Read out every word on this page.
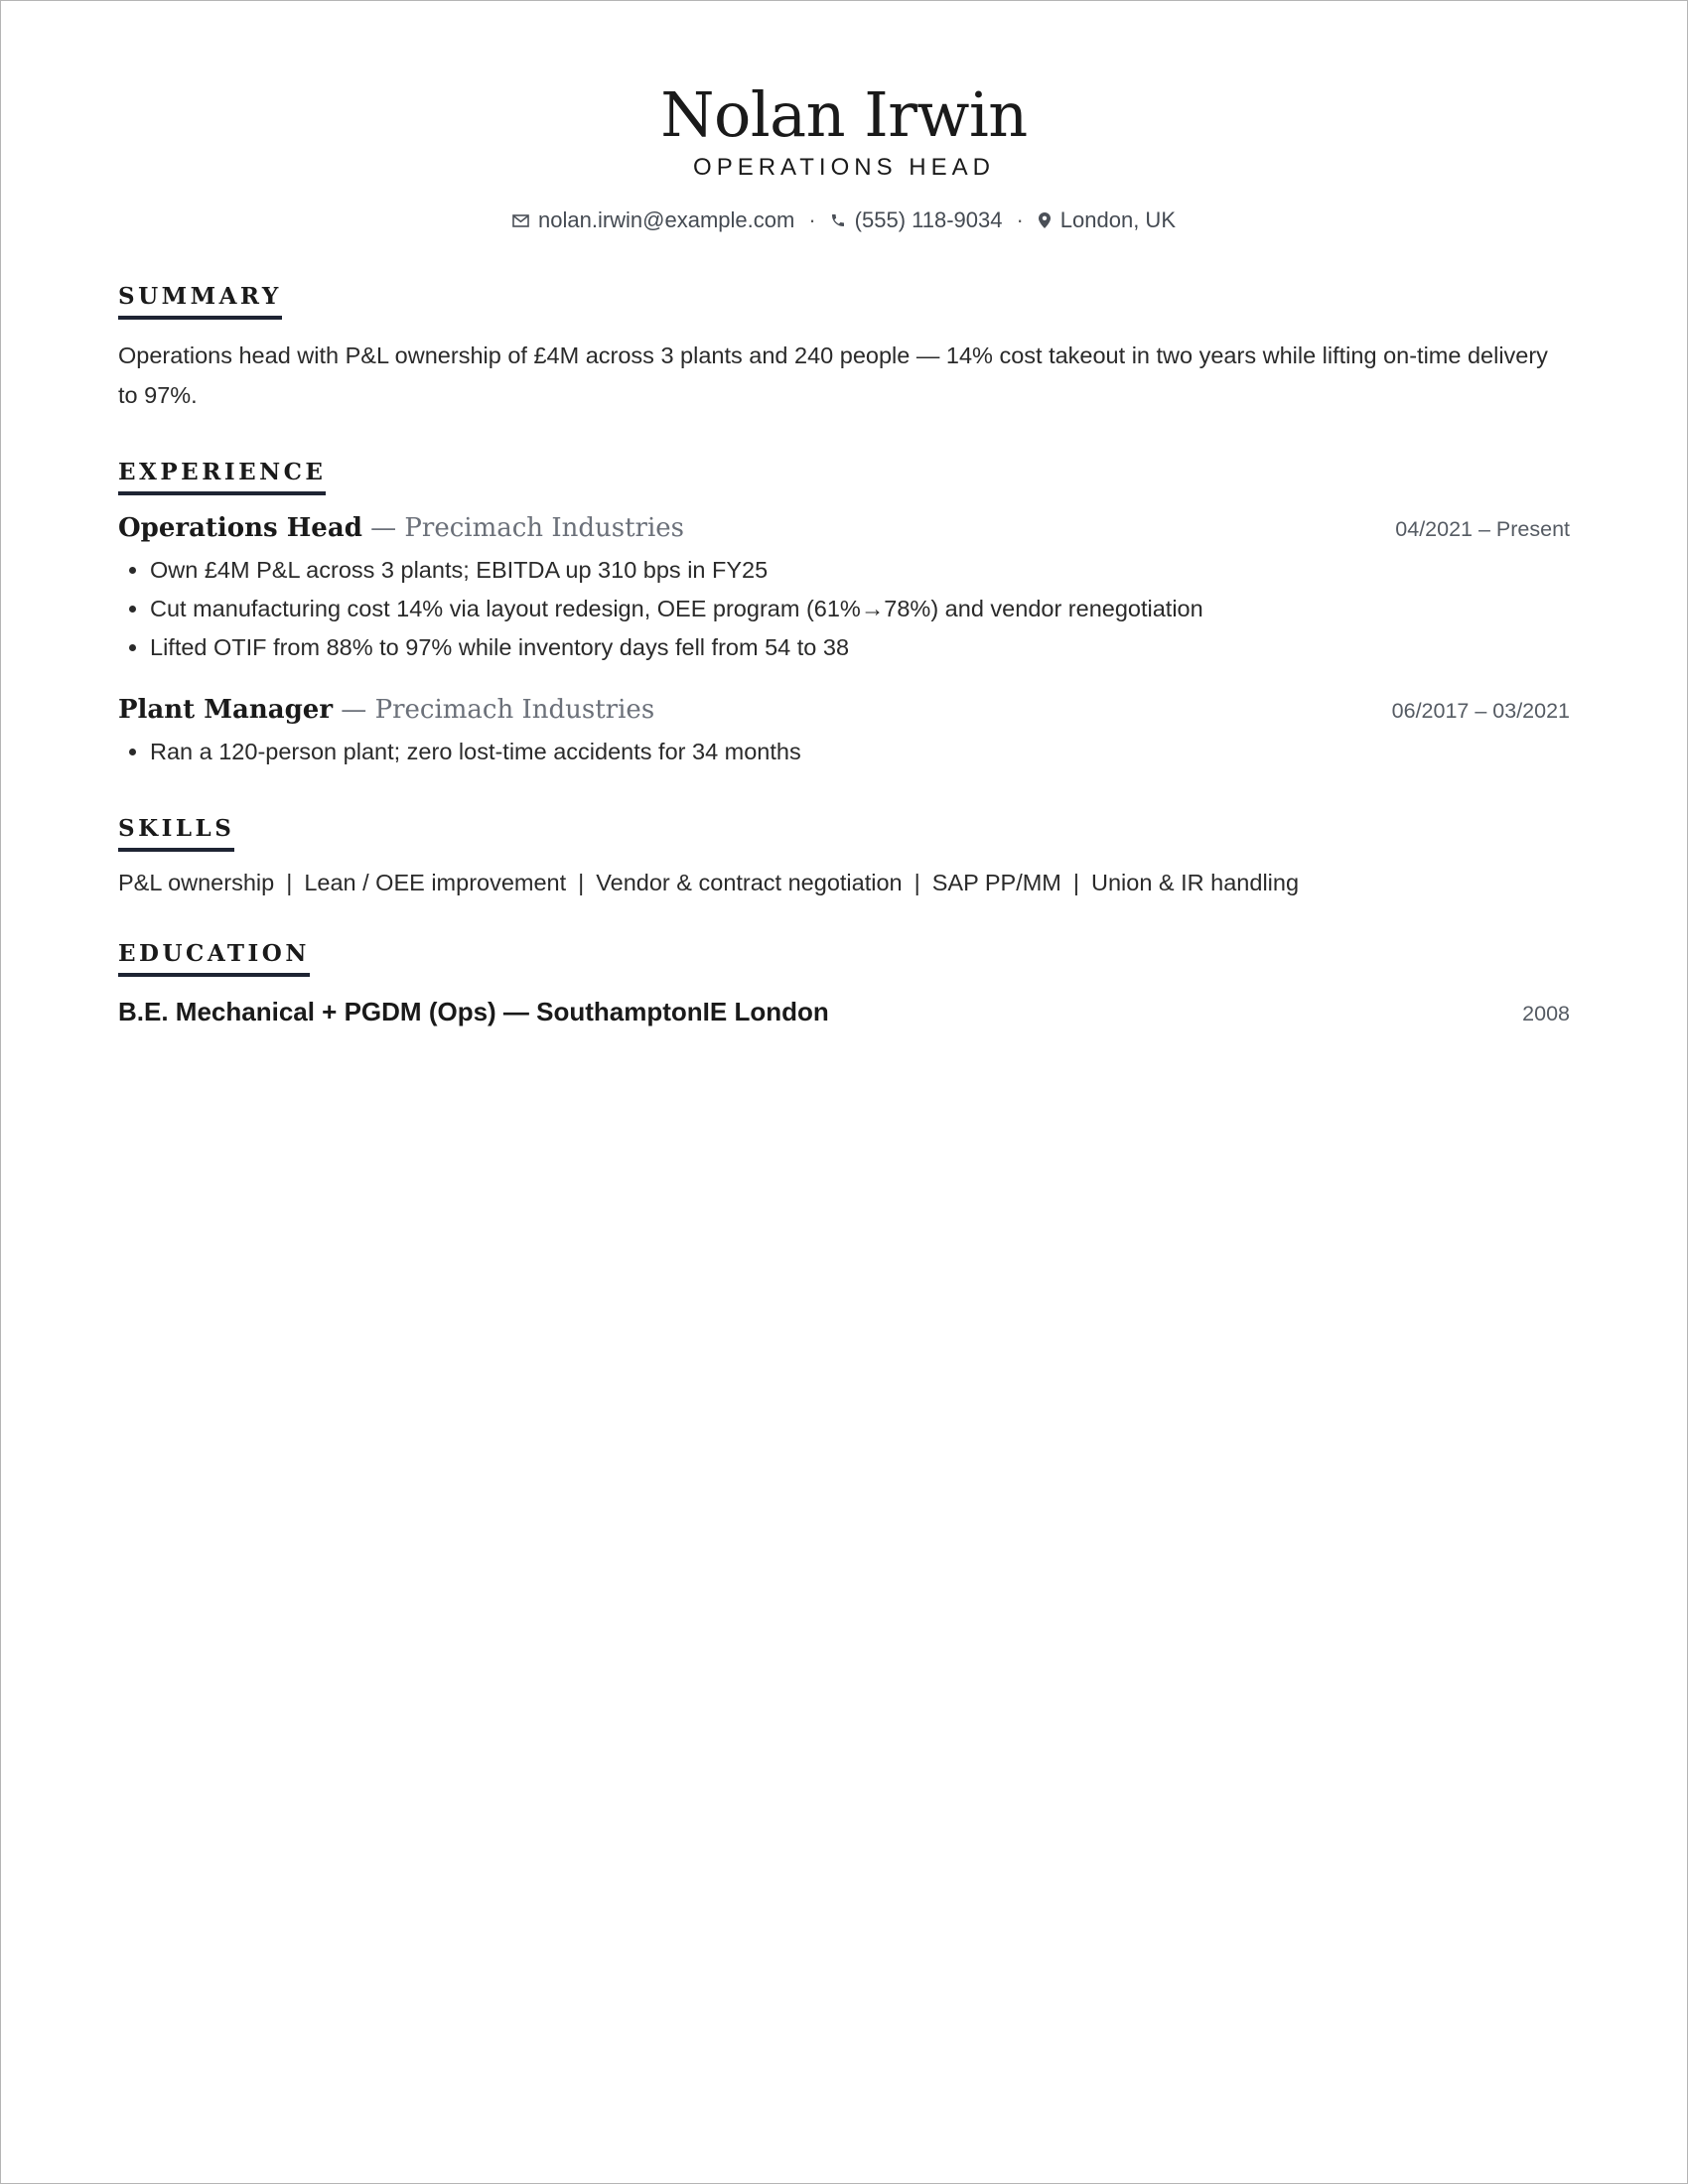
Nolan Irwin
OPERATIONS HEAD
nolan.irwin@example.com · (555) 118-9034 · London, UK
SUMMARY
Operations head with P&L ownership of £4M across 3 plants and 240 people — 14% cost takeout in two years while lifting on-time delivery to 97%.
EXPERIENCE
Operations Head — Precimach Industries	04/2021 – Present
• Own £4M P&L across 3 plants; EBITDA up 310 bps in FY25
• Cut manufacturing cost 14% via layout redesign, OEE program (61%→78%) and vendor renegotiation
• Lifted OTIF from 88% to 97% while inventory days fell from 54 to 38
Plant Manager — Precimach Industries	06/2017 – 03/2021
• Ran a 120-person plant; zero lost-time accidents for 34 months
SKILLS
P&L ownership | Lean / OEE improvement | Vendor & contract negotiation | SAP PP/MM | Union & IR handling
EDUCATION
B.E. Mechanical + PGDM (Ops) — SouthamptonIE London	2008
